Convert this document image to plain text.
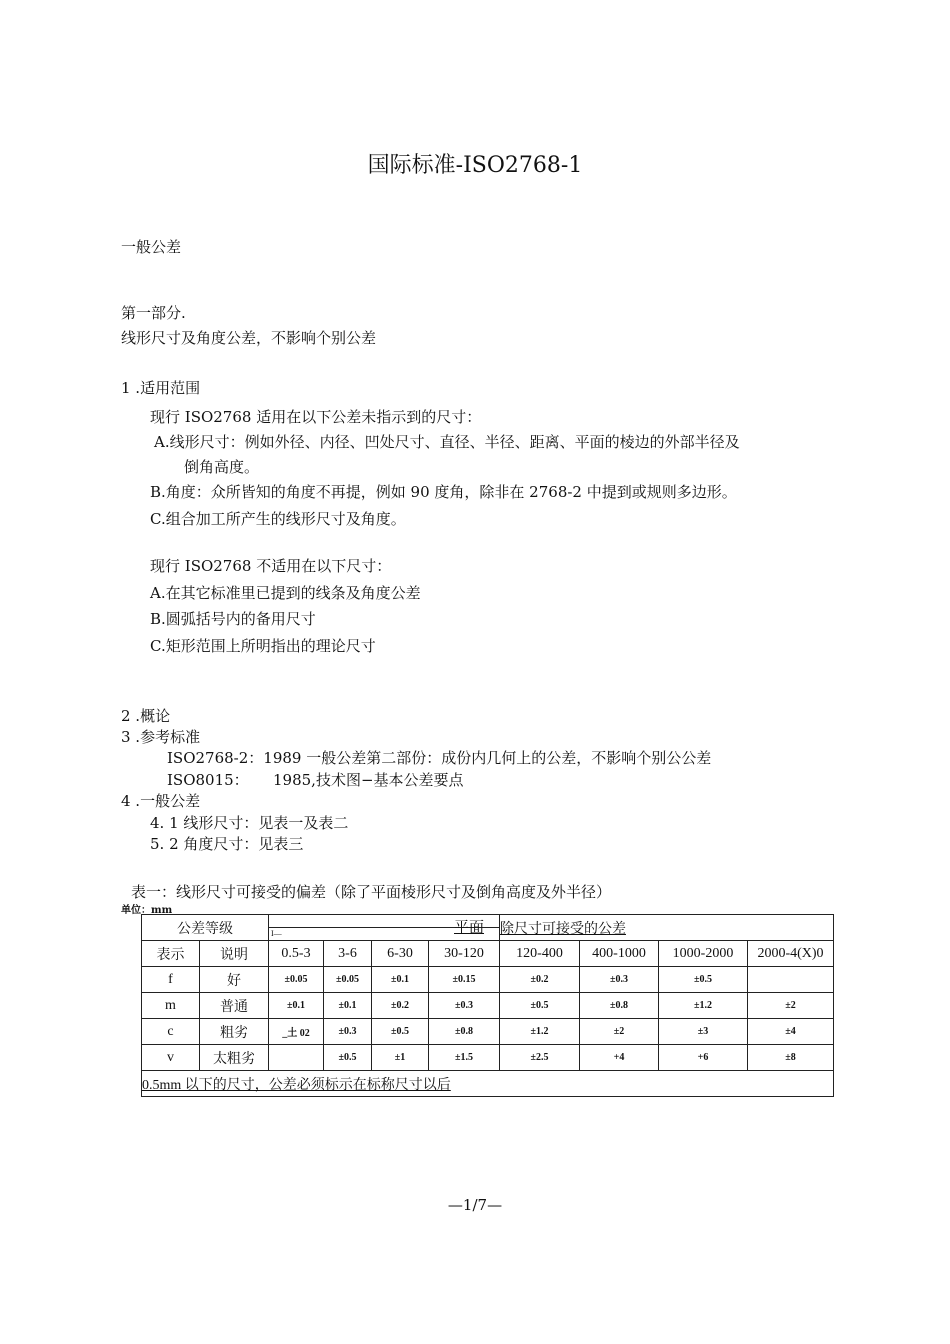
国际标准-ISO2768-1
一般公差
第一部分.
线形尺寸及角度公差，不影响个别公差
1 .适用范围
现行 ISO2768 适用在以下公差未指示到的尺寸：
A.线形尺寸：例如外径、内径、凹处尺寸、直径、半径、距离、平面的棱边的外部半径及
倒角高度。
B.角度：众所皆知的角度不再提，例如 90 度角，除非在 2768-2 中提到或规则多边形。
C.组合加工所产生的线形尺寸及角度。
现行 ISO2768 不适用在以下尺寸：
A.在其它标准里已提到的线条及角度公差
B.圆弧括号内的备用尺寸
C.矩形范围上所明指出的理论尺寸
2 .概论
3 .参考标准
ISO2768-2：1989 一般公差第二部份：成份内几何上的公差，不影响个别公公差
ISO8015： 1985,技术图−基本公差要点
4 .一般公差
4. 1 线形尺寸：见表一及表二
5. 2 角度尺寸：见表三
表一：线形尺寸可接受的偏差（除了平面棱形尺寸及倒角高度及外半径）
单位：mm
公差等级		I— 平面				除尺寸可接受的公差			
表示	说明	0.5-3	3-6	6-30	30-120	120-400	400-1000	1000-2000	2000-4(X)0
f	好	±0.05	±0.05	±0.1	±0.15	±0.2	±0.3	±0.5	
m	普通	±0.1	±0.1	±0.2	±0.3	±0.5	±0.8	±1.2	±2
c	粗劣	_土 02	±0.3	±0.5	±0.8	±1.2	±2	±3	±4
v	太粗劣		±0.5	±1	±1.5	±2.5	+4	+6	±8
0.5mm 以下的尺寸，公差必须标示在标称尺寸以后									
—1/7—
